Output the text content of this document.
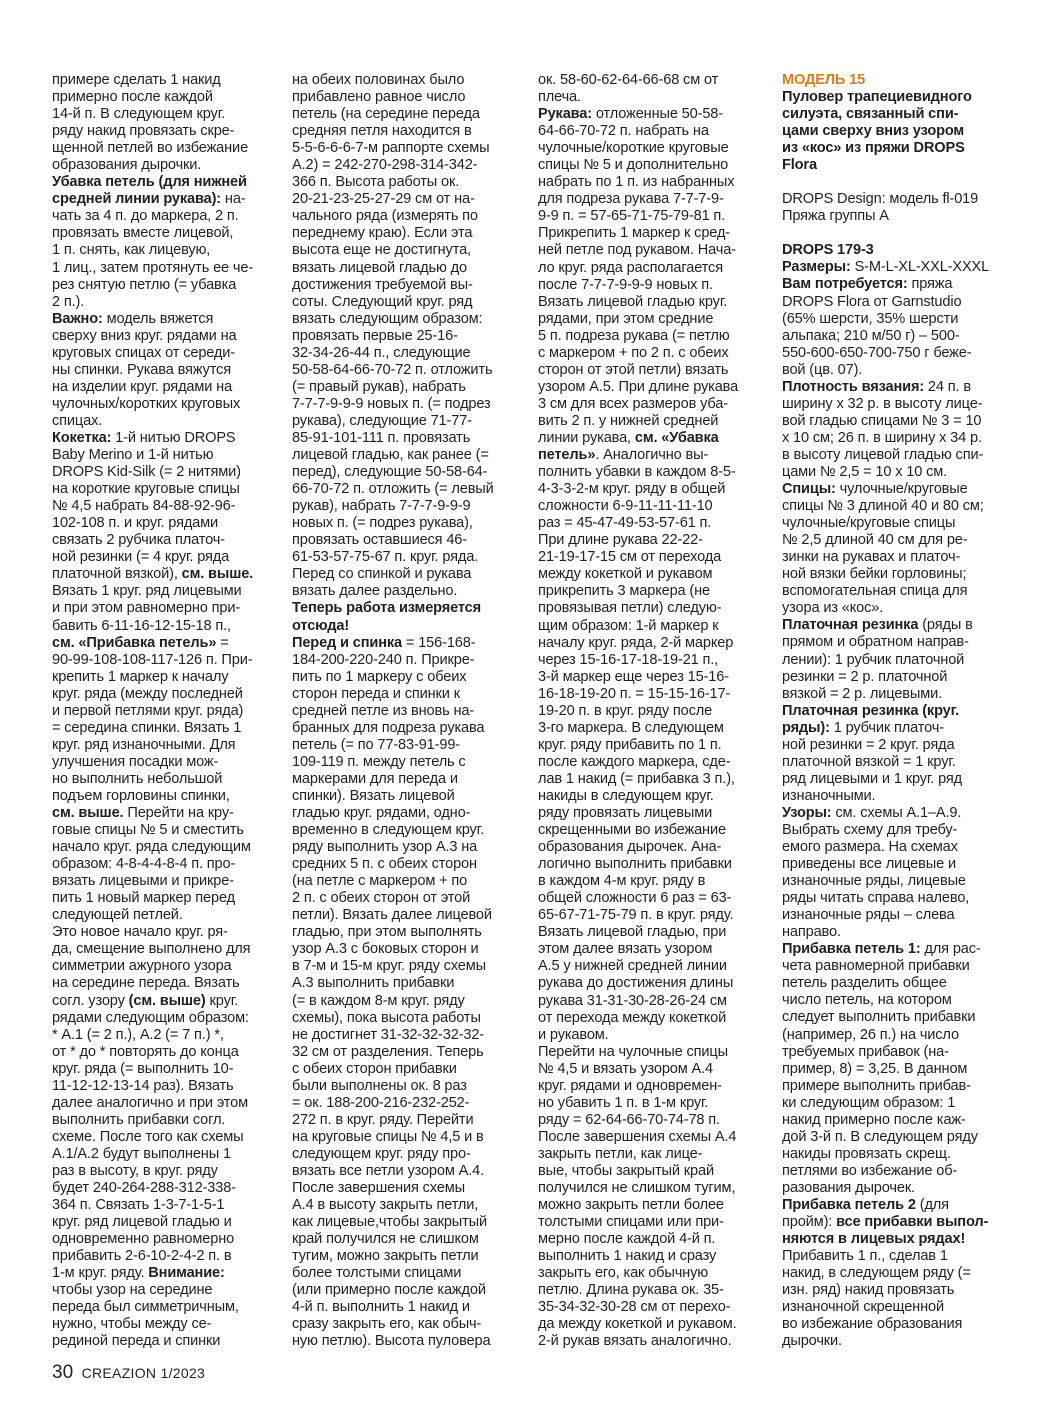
примере сделать 1 накид

примерно после каждой

14-й п. В следующем круг.

ряду накид провязать скре-

щенной петлей во избежание

образования дырочки.

Убавка петель (для нижней

средней линии рукава): на-

чать за 4 п. до маркера, 2 п.

провязать вместе лицевой,

1 п. снять, как лицевую,

1 лиц., затем протянуть ее че-

рез снятую петлю (= убавка

2 п.).

Важно: модель вяжется

сверху вниз круг. рядами на

круговых спицах от середи-

ны спинки. Рукава вяжутся

на изделии круг. рядами на

чулочных/коротких круговых

спицах.

Кокетка: 1-й нитью DROPS

Baby Merino и 1-й нитью

DROPS Kid-Silk (= 2 нитями)

на короткие круговые спицы

№ 4,5 набрать 84-88-92-96-

102-108 п. и круг. рядами

связать 2 рубчика платоч-

ной резинки (= 4 круг. ряда

платочной вязкой), см. выше.

Вязать 1 круг. ряд лицевыми

и при этом равномерно при-

бавить 6-11-16-12-15-18 п.,

см. «Прибавка петель» =

90-99-108-108-117-126 п. При-

крепить 1 маркер к началу

круг. ряда (между последней

и первой петлями круг. ряда)

= середина спинки. Вязать 1

круг. ряд изнаночными. Для

улучшения посадки мож-

но выполнить небольшой

подъем горловины спинки,

см. выше. Перейти на кру-

говые спицы № 5 и сместить

начало круг. ряда следующим

образом: 4-8-4-4-8-4 п. про-

вязать лицевыми и прикре-

пить 1 новый маркер перед

следующей петлей.

Это новое начало круг. ря-

да, смещение выполнено для

симметрии ажурного узора

на середине переда. Вязать

согл. узору (см. выше) круг.

рядами следующим образом:

* А.1 (= 2 п.), А.2 (= 7 п.) *,

от * до * повторять до конца

круг. ряда (= выполнить 10-

11-12-12-13-14 раз). Вязать

далее аналогично и при этом

выполнить прибавки согл.

схеме. После того как схемы

А.1/А.2 будут выполнены 1

раз в высоту, в круг. ряду

будет 240-264-288-312-338-

364 п. Связать 1-3-7-1-5-1

круг. ряд лицевой гладью и

одновременно равномерно

прибавить 2-6-10-2-4-2 п. в

1-м круг. ряду. Внимание:

чтобы узор на середине

переда был симметричным,

нужно, чтобы между се-

рединой переда и спинки

на обеих половинах было

прибавлено равное число

петель (на середине переда

средняя петля находится в

5-5-6-6-6-7-м раппорте схемы

А.2) = 242-270-298-314-342-

366 п. Высота работы ок.

20-21-23-25-27-29 см от на-

чального ряда (измерять по

переднему краю). Если эта

высота еще не достигнута,

вязать лицевой гладью до

достижения требуемой вы-

соты. Следующий круг. ряд

вязать следующим образом:

провязать первые 25-16-

32-34-26-44 п., следующие

50-58-64-66-70-72 п. отложить

(= правый рукав), набрать

7-7-7-9-9-9 новых п. (= подрез

рукава), следующие 71-77-

85-91-101-111 п. провязать

лицевой гладью, как ранее (=

перед), следующие 50-58-64-

66-70-72 п. отложить (= левый

рукав), набрать 7-7-7-9-9-9

новых п. (= подрез рукава),

провязать оставшиеся 46-

61-53-57-75-67 п. круг. ряда.

Перед со спинкой и рукава

вязать далее раздельно.

Теперь работа измеряется

отсюда!

Перед и спинка = 156-168-

184-200-220-240 п. Прикре-

пить по 1 маркеру с обеих

сторон переда и спинки к

средней петле из вновь на-

бранных для подреза рукава

петель (= по 77-83-91-99-

109-119 п. между петель с

маркерами для переда и

спинки). Вязать лицевой

гладью круг. рядами, одно-

временно в следующем круг.

ряду выполнить узор А.3 на

средних 5 п. с обеих сторон

(на петле с маркером + по

2 п. с обеих сторон от этой

петли). Вязать далее лицевой

гладью, при этом выполнять

узор А.3 с боковых сторон и

в 7-м и 15-м круг. ряду схемы

А.3 выполнить прибавки

(= в каждом 8-м круг. ряду

схемы), пока высота работы

не достигнет 31-32-32-32-32-

32 см от разделения. Теперь

с обеих сторон прибавки

были выполнены ок. 8 раз

= ок. 188-200-216-232-252-

272 п. в круг. ряду. Перейти

на круговые спицы № 4,5 и в

следующем круг. ряду про-

вязать все петли узором А.4.

После завершения схемы

А.4 в высоту закрыть петли,

как лицевые,чтобы закрытый

край получился не слишком

тугим, можно закрыть петли

более толстыми спицами

(или примерно после каждой

4-й п. выполнить 1 накид и

сразу закрыть его, как обыч-

ную петлю). Высота пуловера

ок. 58-60-62-64-66-68 см от

плеча.

Рукава: отложенные 50-58-

64-66-70-72 п. набрать на

чулочные/короткие круговые

спицы № 5 и дополнительно

набрать по 1 п. из набранных

для подреза рукава 7-7-7-9-

9-9 п. = 57-65-71-75-79-81 п.

Прикрепить 1 маркер к сред-

ней петле под рукавом. Нача-

ло круг. ряда располагается

после 7-7-7-9-9-9 новых п.

Вязать лицевой гладью круг.

рядами, при этом средние

5 п. подреза рукава (= петлю

с маркером + по 2 п. с обеих

сторон от этой петли) вязать

узором А.5. При длине рукава

3 см для всех размеров уба-

вить 2 п. у нижней средней

линии рукава, см. «Убавка

петель». Аналогично вы-

полнить убавки в каждом 8-5-

4-3-3-2-м круг. ряду в общей

сложности 6-9-11-11-11-10

раз = 45-47-49-53-57-61 п.

При длине рукава 22-22-

21-19-17-15 см от перехода

между кокеткой и рукавом

прикрепить 3 маркера (не

провязывая петли) следую-

щим образом: 1-й маркер к

началу круг. ряда, 2-й маркер

через 15-16-17-18-19-21 п.,

3-й маркер еще через 15-16-

16-18-19-20 п. = 15-15-16-17-

19-20 п. в круг. ряду после

3-го маркера. В следующем

круг. ряду прибавить по 1 п.

после каждого маркера, сде-

лав 1 накид (= прибавка 3 п.),

накиды в следующем круг.

ряду провязать лицевыми

скрещенными во избежание

образования дырочек. Ана-

логично выполнить прибавки

в каждом 4-м круг. ряду в

общей сложности 6 раз = 63-

65-67-71-75-79 п. в круг. ряду.

Вязать лицевой гладью, при

этом далее вязать узором

А.5 у нижней средней линии

рукава до достижения длины

рукава 31-31-30-28-26-24 см

от перехода между кокеткой

и рукавом.

Перейти на чулочные спицы

№ 4,5 и вязать узором А.4

круг. рядами и одновремен-

но убавить 1 п. в 1-м круг.

ряду = 62-64-66-70-74-78 п.

После завершения схемы А.4

закрыть петли, как лице-

вые, чтобы закрытый край

получился не слишком тугим,

можно закрыть петли более

толстыми спицами или при-

мерно после каждой 4-й п.

выполнить 1 накид и сразу

закрыть его, как обычную

петлю. Длина рукава ок. 35-

35-34-32-30-28 см от перехо-

да между кокеткой и рукавом.

2-й рукав вязать аналогично.

МОДЕЛЬ 15

Пуловер трапециевидного

силуэта, связанный спи-

цами сверху вниз узором

из «кос» из пряжи DROPS

Flora

DROPS Design: модель fl-019

Пряжа группы А

DROPS 179-3

Размеры: S-M-L-XL-XXL-XXXL

Вам потребуется: пряжа

DROPS Flora от Garnstudio

(65% шерсти, 35% шерсти

альпака; 210 м/50 г) – 500-

550-600-650-700-750 г беже-

вой (цв. 07).

Плотность вязания: 24 п. в

ширину х 32 р. в высоту лице-

вой гладью спицами № 3 = 10

х 10 см; 26 п. в ширину х 34 р.

в высоту лицевой гладью спи-

цами № 2,5 = 10 х 10 см.

Спицы: чулочные/круговые

спицы № 3 длиной 40 и 80 см;

чулочные/круговые спицы

№ 2,5 длиной 40 см для ре-

зинки на рукавах и платоч-

ной вязки бейки горловины;

вспомогательная спица для

узора из «кос».

Платочная резинка (ряды в

прямом и обратном направ-

лении): 1 рубчик платочной

резинки = 2 р. платочной

вязкой = 2 р. лицевыми.

Платочная резинка (круг.

ряды): 1 рубчик платоч-

ной резинки = 2 круг. ряда

платочной вязкой = 1 круг.

ряд лицевыми и 1 круг. ряд

изнаночными.

Узоры: см. схемы А.1–А.9.

Выбрать схему для требу-

емого размера. На схемах

приведены все лицевые и

изнаночные ряды, лицевые

ряды читать справа налево,

изнаночные ряды – слева

направо.

Прибавка петель 1: для рас-

чета равномерной прибавки

петель разделить общее

число петель, на котором

следует выполнить прибавки

(например, 26 п.) на число

требуемых прибавок (на-

пример, 8) = 3,25. В данном

примере выполнить прибав-

ки следующим образом: 1

накид примерно после каж-

дой 3-й п. В следующем ряду

накиды провязать скрещ.

петлями во избежание об-

разования дырочек.

Прибавка петель 2 (для

пройм): все прибавки выпол-

няются в лицевых рядах!

Прибавить 1 п., сделав 1

накид, в следующем ряду (=

изн. ряд) накид провязать

изнаночной скрещенной

во избежание образования

дырочки.

30 CREAZION 1/2023
